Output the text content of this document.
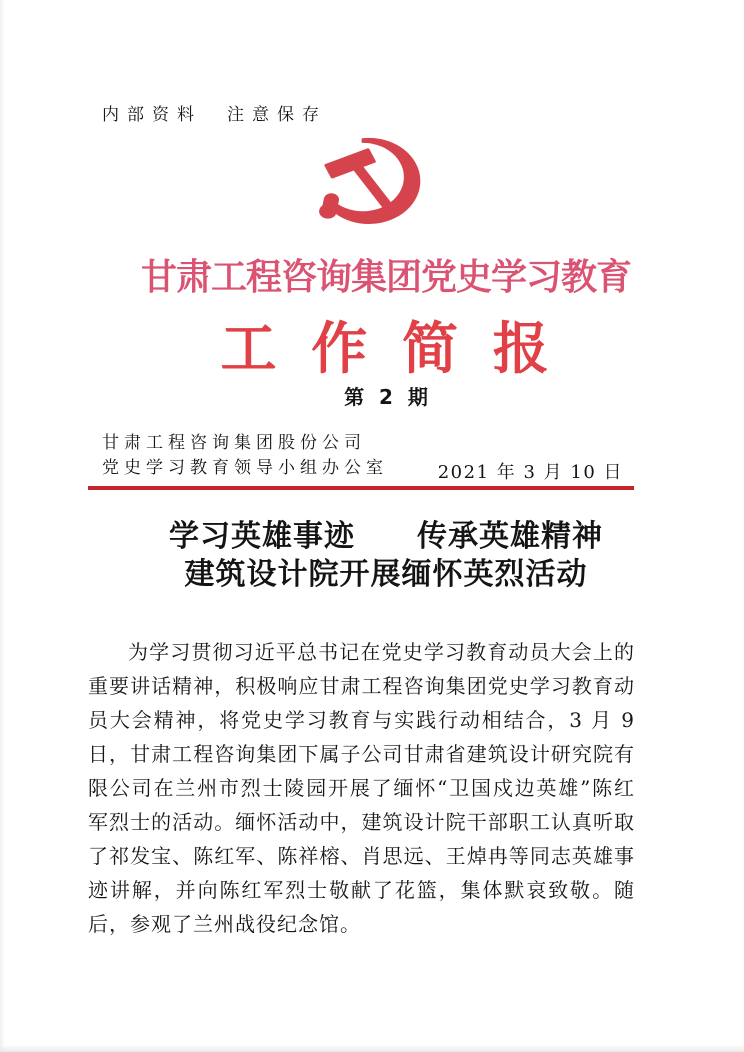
内部资料　注意保存
甘肃工程咨询集团党史学习教育
工作简报
第 2 期
甘肃工程咨询集团股份公司
党史学习教育领导小组办公室	2021 年 3 月 10 日
学习英雄事迹　　传承英雄精神
建筑设计院开展缅怀英烈活动

为学习贯彻习近平总书记在党史学习教育动员大会上的重要讲话精神，积极响应甘肃工程咨询集团党史学习教育动员大会精神，将党史学习教育与实践行动相结合，3 月 9 日，甘肃工程咨询集团下属子公司甘肃省建筑设计研究院有限公司在兰州市烈士陵园开展了缅怀“卫国戍边英雄”陈红军烈士的活动。缅怀活动中，建筑设计院干部职工认真听取了祁发宝、陈红军、陈祥榕、肖思远、王焯冉等同志英雄事迹讲解，并向陈红军烈士敬献了花篮，集体默哀致敬。随后，参观了兰州战役纪念馆。
